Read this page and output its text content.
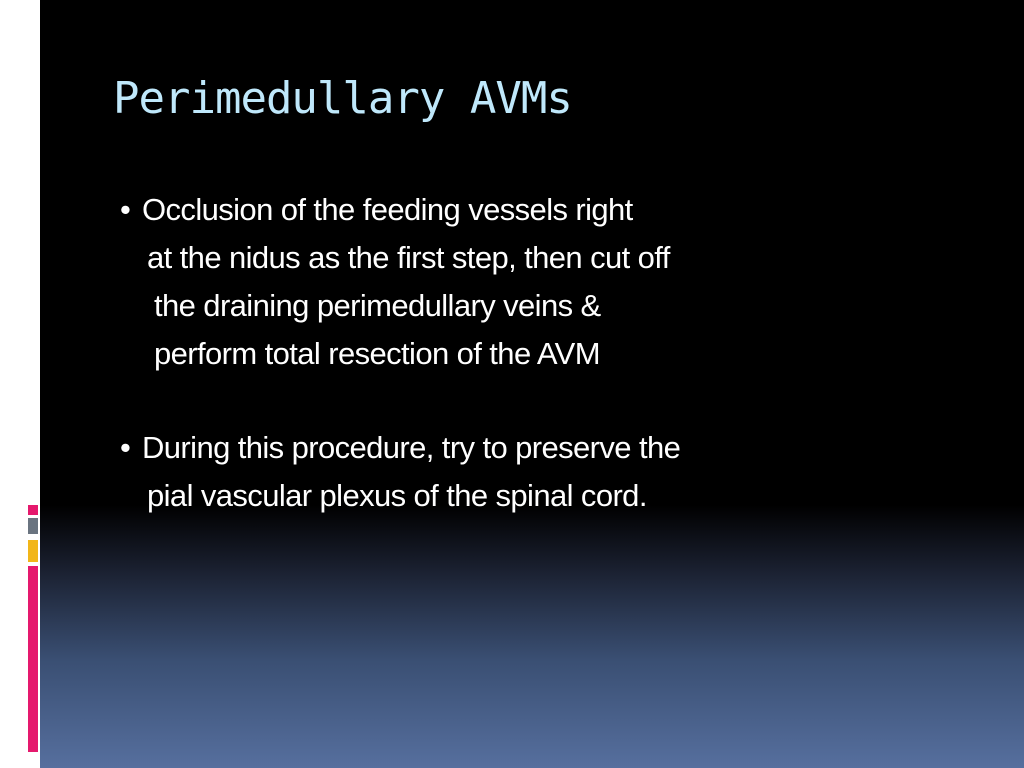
Perimedullary AVMs

• Occlusion of the feeding vessels right

at the nidus as the first step, then cut off

the draining perimedullary veins &

perform total resection of the AVM

• During this procedure, try to preserve the

pial vascular plexus of the spinal cord.
